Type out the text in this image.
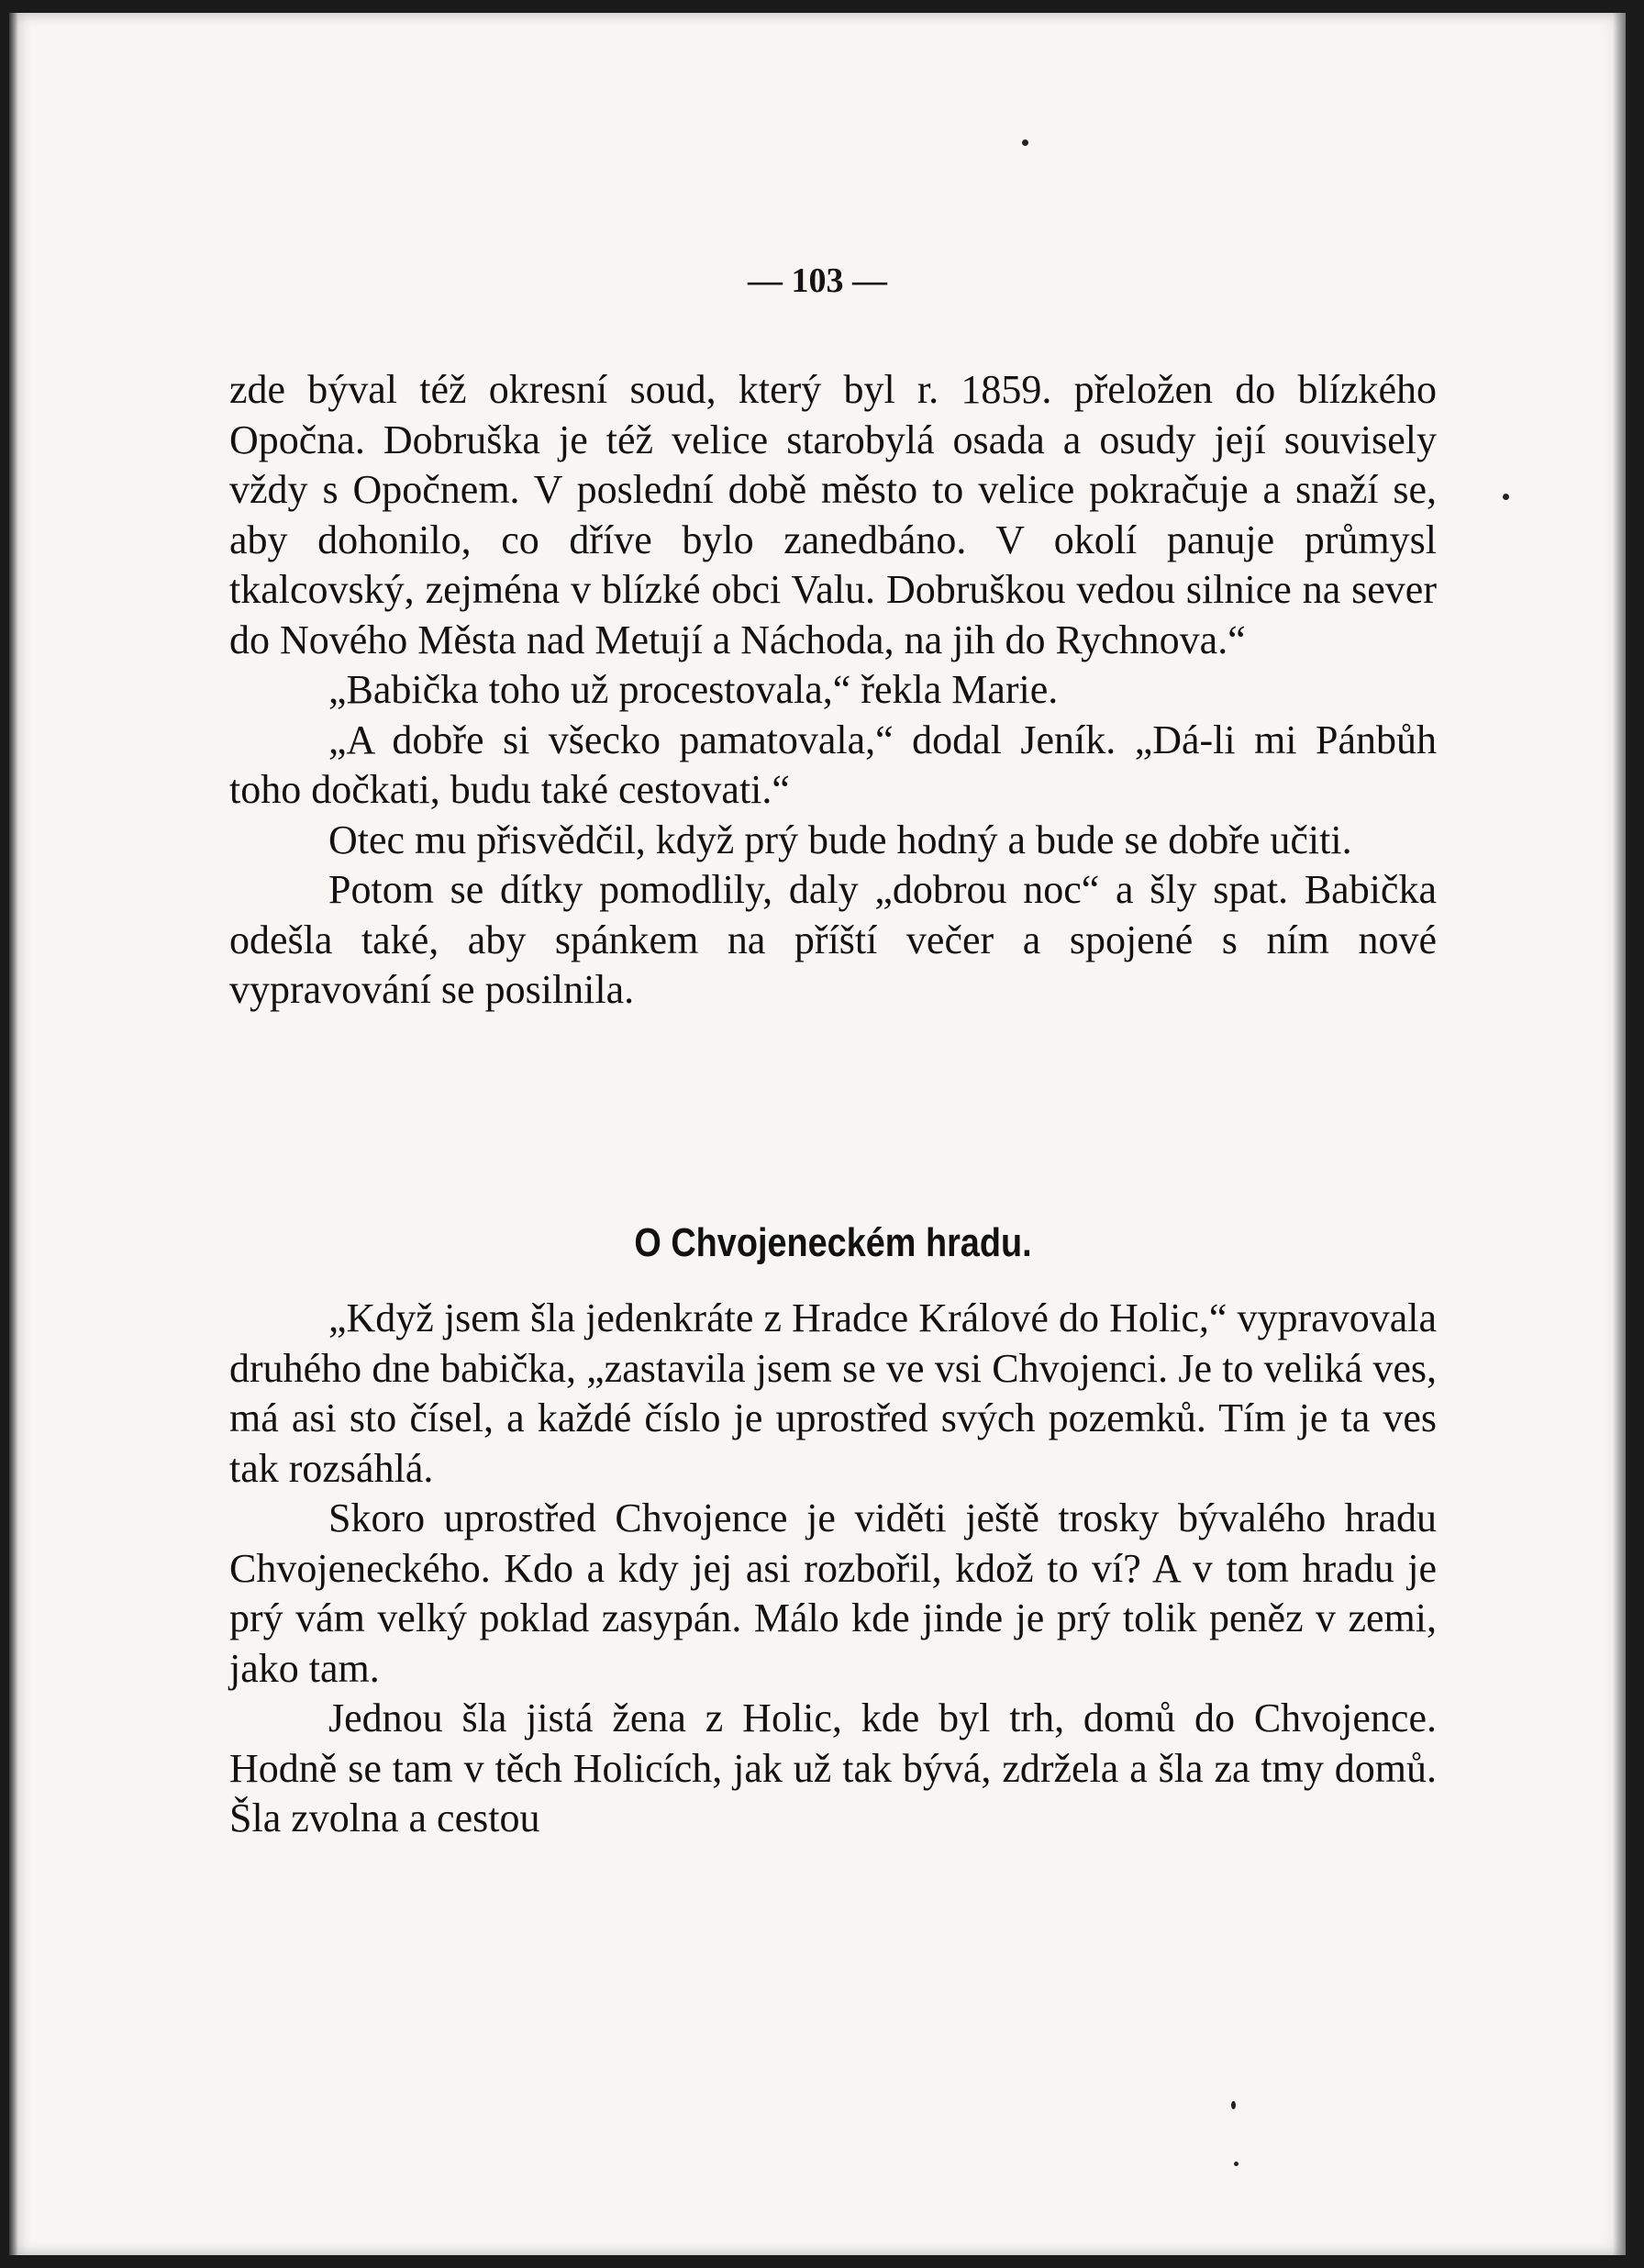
— 103 —

zde býval též okresní soud, který byl r. 1859. přeložen do blízkého Opočna. Dobruška je též velice starobylá osada a osudy její souvisely vždy s Opočnem. V poslední době město to velice pokračuje a snaží se, aby dohonilo, co dříve bylo zanedbáno. V okolí panuje průmysl tkalcovský, zejména v blízké obci Valu. Dobruškou vedou silnice na sever do Nového Města nad Metují a Náchoda, na jih do Rychnova.“

„Babička toho už procestovala,“ řekla Marie.

„A dobře si všecko pamatovala,“ dodal Jeník. „Dá-li mi Pánbůh toho dočkati, budu také cestovati.“

Otec mu přisvědčil, když prý bude hodný a bude se dobře učiti.

Potom se dítky pomodlily, daly „dobrou noc“ a šly spat. Babička odešla také, aby spánkem na příští večer a spojené s ním nové vypravování se posilnila.

O Chvojeneckém hradu.

„Když jsem šla jedenkráte z Hradce Králové do Holic,“ vypravovala druhého dne babička, „zastavila jsem se ve vsi Chvojenci. Je to veliká ves, má asi sto čísel, a každé číslo je uprostřed svých pozemků. Tím je ta ves tak rozsáhlá.

Skoro uprostřed Chvojence je viděti ještě trosky bývalého hradu Chvojeneckého. Kdo a kdy jej asi rozbořil, kdož to ví? A v tom hradu je prý vám velký poklad zasypán. Málo kde jinde je prý tolik peněz v zemi, jako tam.

Jednou šla jistá žena z Holic, kde byl trh, domů do Chvojence. Hodně se tam v těch Holicích, jak už tak bývá, zdržela a šla za tmy domů. Šla zvolna a cestou
